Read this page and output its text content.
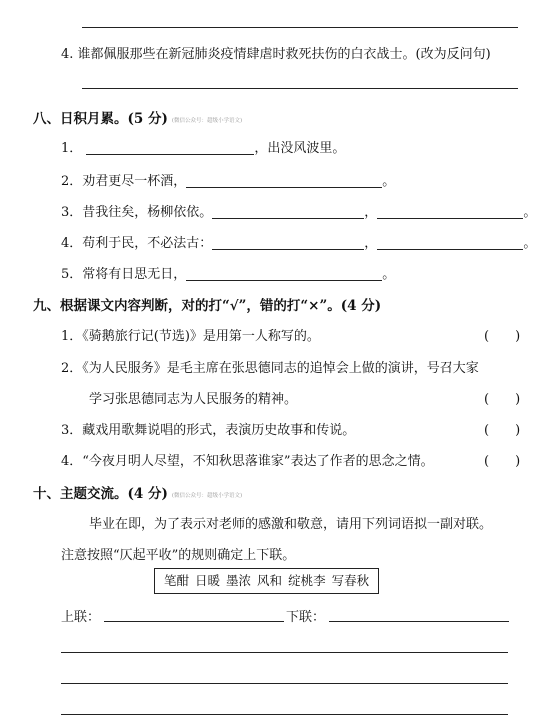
4. 谁都佩服那些在新冠肺炎疫情肆虐时救死扶伤的白衣战士。(改为反问句)
八、日积月累。(5 分) (微信公众号：超级小学语文)
1．	，出没风波里。
2．劝君更尽一杯酒，	。
3．昔我往矣，杨柳依依。	，	。
4．苟利于民，不必法古：	，	。
5．常将有日思无日，	。
九、根据课文内容判断，对的打“√”，错的打“×”。(4 分)
1．《骑鹅旅行记(节选)》是用第一人称写的。	(　　)
2．《为人民服务》是毛主席在张思德同志的追悼会上做的演讲，号召大家
学习张思德同志为人民服务的精神。	(　　)
3．藏戏用歌舞说唱的形式，表演历史故事和传说。	(　　)
4．“今夜月明人尽望，不知秋思落谁家”表达了作者的思念之情。	(　　)
十、主题交流。(4 分) (微信公众号：超级小学语文)
毕业在即，为了表示对老师的感激和敬意，请用下列词语拟一副对联。
注意按照“仄起平收”的规则确定上下联。
笔酣 日暖 墨浓 风和 绽桃李 写春秋
上联：	下联：
